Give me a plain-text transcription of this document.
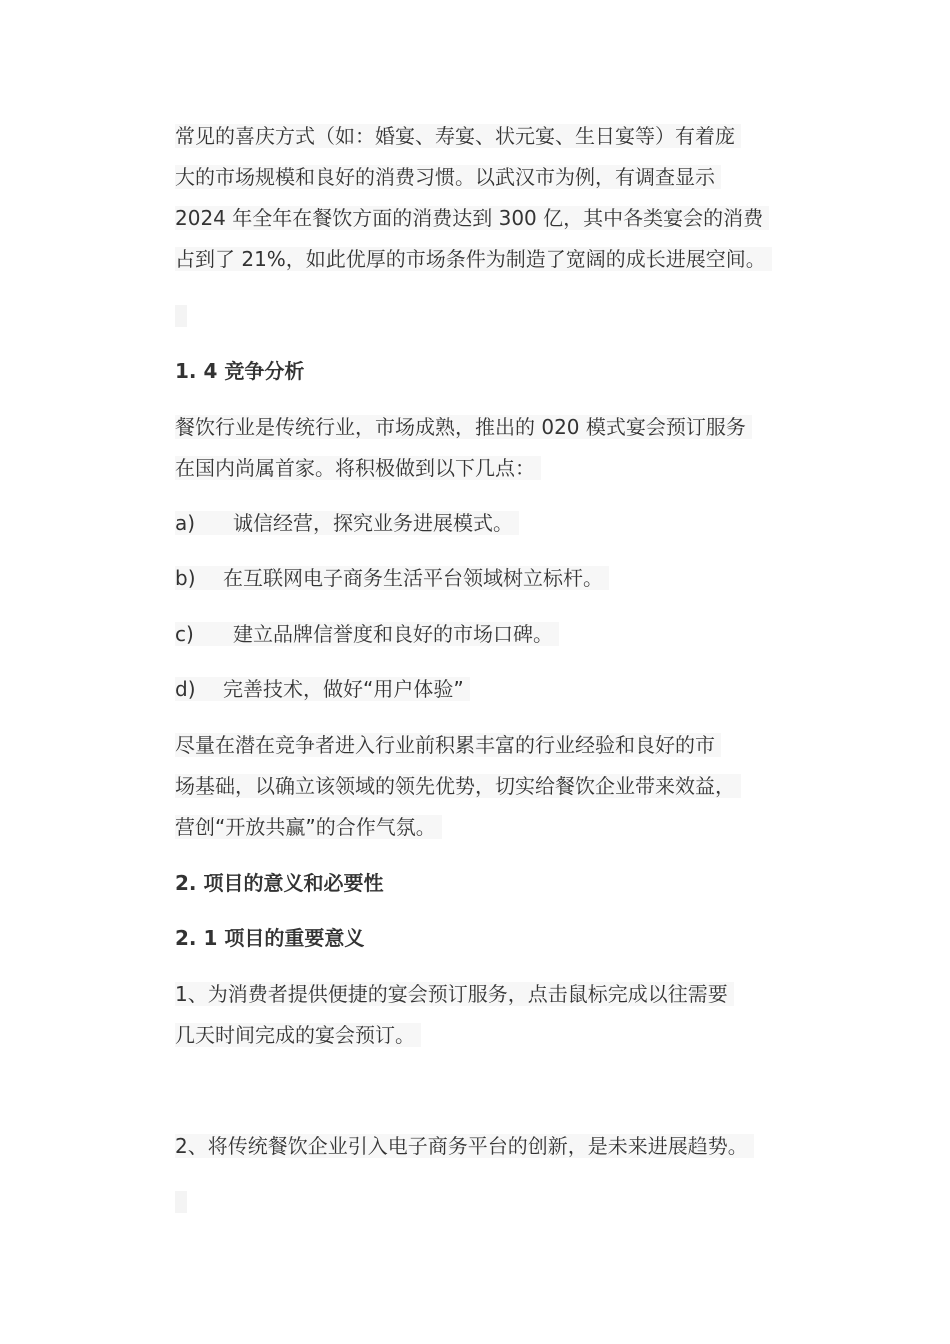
常见的喜庆方式（如：婚宴、寿宴、状元宴、生日宴等）有着庞
大的市场规模和良好的消费习惯。以武汉市为例，有调查显示
2024 年全年在餐饮方面的消费达到 300 亿，其中各类宴会的消费
占到了 21%，如此优厚的市场条件为制造了宽阔的成长进展空间。
1. 4 竞争分析
餐饮行业是传统行业，市场成熟，推出的 020 模式宴会预订服务
在国内尚属首家。将积极做到以下几点：
a) 诚信经营，探究业务进展模式。
b) 在互联网电子商务生活平台领域树立标杆。
c) 建立品牌信誉度和良好的市场口碑。
d) 完善技术，做好“用户体验”
尽量在潜在竞争者进入行业前积累丰富的行业经验和良好的市
场基础，以确立该领域的领先优势，切实给餐饮企业带来效益，
营创“开放共赢”的合作气氛。
2. 项目的意义和必要性
2. 1 项目的重要意义
1、为消费者提供便捷的宴会预订服务，点击鼠标完成以往需要
几天时间完成的宴会预订。
2、将传统餐饮企业引入电子商务平台的创新，是未来进展趋势。
